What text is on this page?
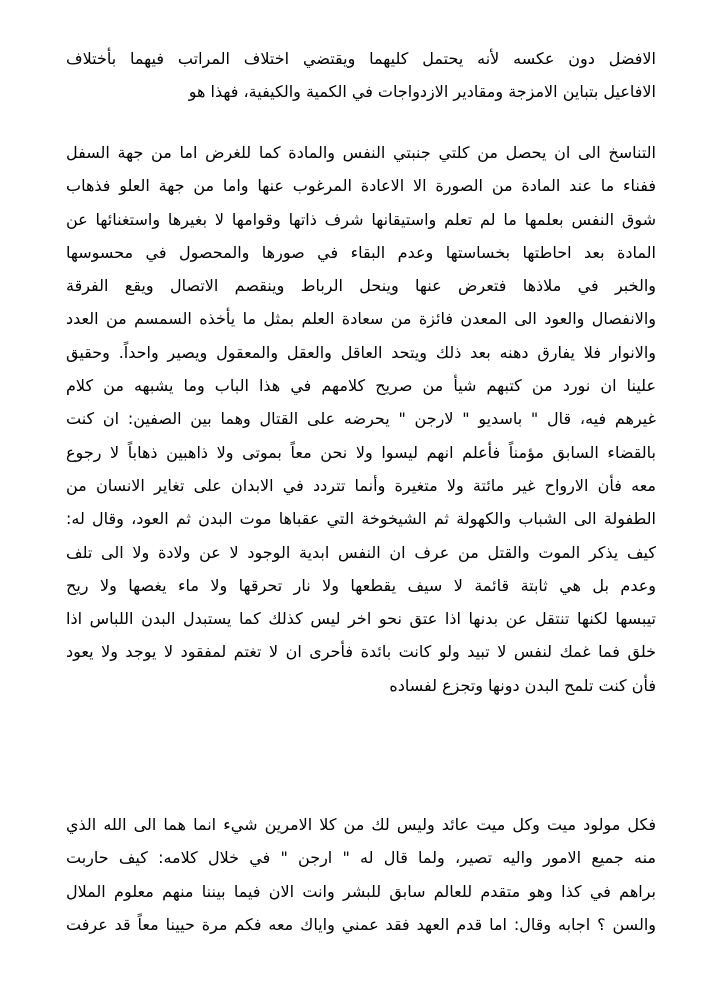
الافضل دون عكسه لأنه يحتمل كليهما ويقتضي اختلاف المراتب فيهما بأختلاف
الافاعيل بتباين الامزجة ومقادير الازدواجات في الكمية والكيفية، فهذا هو
التناسخ الى ان يحصل من كلتي جنبتي النفس والمادة كما للغرض اما من جهة السفل
ففناء ما عند المادة من الصورة الا الاعادة المرغوب عنها واما من جهة العلو فذهاب
شوق النفس بعلمها ما لم تعلم واستيقانها شرف ذاتها وقوامها لا بغيرها واستغنائها عن
المادة بعد احاطتها بخساستها وعدم البقاء في صورها والمحصول في محسوسها
والخبر في ملاذها فتعرض عنها وينحل الرباط وينقصم الاتصال ويقع الفرقة
والانفصال والعود الى المعدن فائزة من سعادة العلم بمثل ما يأخذه السمسم من العدد
والانوار فلا يفارق دهنه بعد ذلك ويتحد العاقل والعقل والمعقول ويصير واحداً. وحقيق
علينا ان نورد من كتبهم شيأ من صريح كلامهم في هذا الباب وما يشبهه من كلام
غيرهم فيه، قال " باسديو " لارجن " يحرضه على القتال وهما بين الصفين: ان كنت
بالقضاء السابق مؤمناً فأعلم انهم ليسوا ولا نحن معاً بموتى ولا ذاهبين ذهاباً لا رجوع
معه فأن الارواح غير مائتة ولا متغيرة وأنما تتردد في الابدان على تغاير الانسان من
الطفولة الى الشباب والكهولة ثم الشيخوخة التي عقباها موت البدن ثم العود، وقال له:
كيف يذكر الموت والقتل من عرف ان النفس ابدية الوجود لا عن ولادة ولا الى تلف
وعدم بل هي ثابتة قائمة لا سيف يقطعها ولا نار تحرقها ولا ماء يغصها ولا ريح
تيبسها لكنها تنتقل عن بدنها اذا عتق نحو اخر ليس كذلك كما يستبدل البدن اللباس اذا
خلق فما غمك لنفس لا تبيد ولو كانت بائدة فأحرى ان لا تغتم لمفقود لا يوجد ولا يعود
فأن كنت تلمح البدن دونها وتجزع لفساده
فكل مولود ميت وكل ميت عائد وليس لك من كلا الامرين شيء انما هما الى الله الذي
منه جميع الامور واليه تصير، ولما قال له " ارجن " في خلال كلامه: كيف حاربت
براهم في كذا وهو متقدم للعالم سابق للبشر وانت الان فيما بيننا منهم معلوم الملال
والسن ؟ اجابه وقال: اما قدم العهد فقد عمني واياك معه فكم مرة حيينا معاً قد عرفت
